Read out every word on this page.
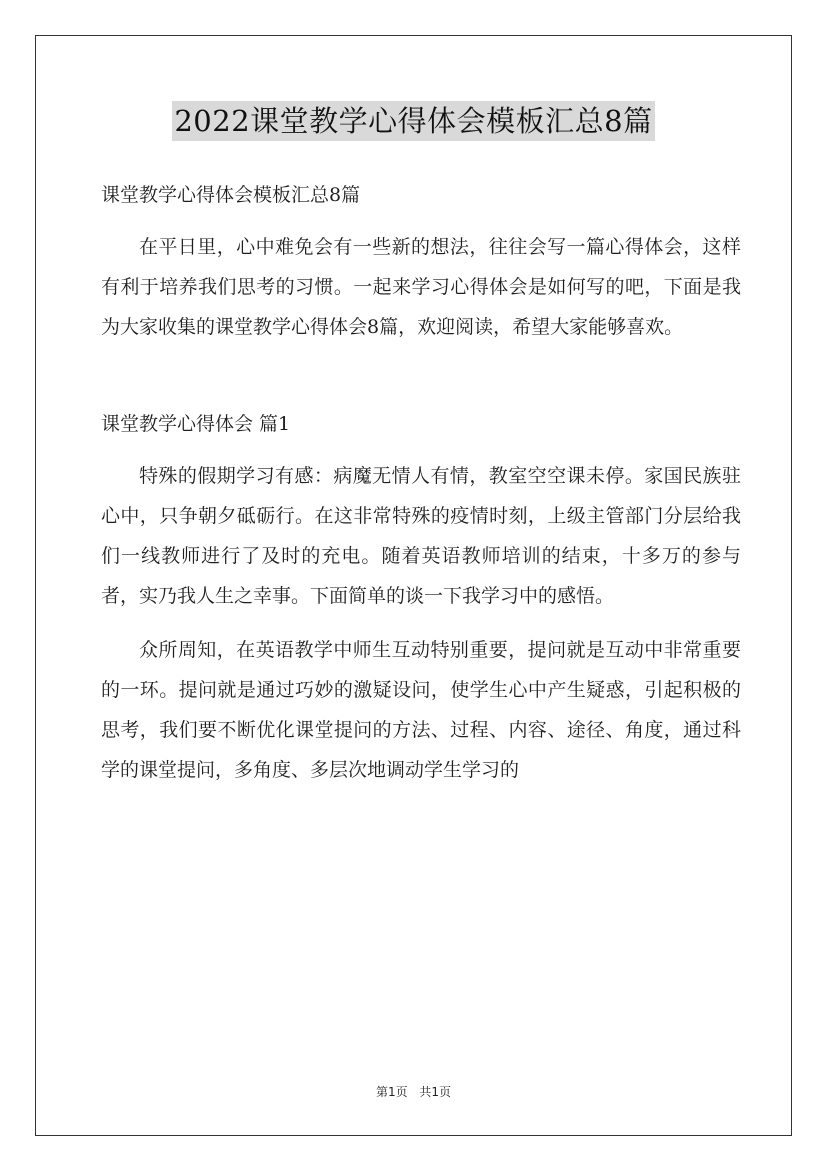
2022课堂教学心得体会模板汇总8篇

课堂教学心得体会模板汇总8篇

在平日里，心中难免会有一些新的想法，往往会写一篇心得体会，这样有利于培养我们思考的习惯。一起来学习心得体会是如何写的吧，下面是我为大家收集的课堂教学心得体会8篇，欢迎阅读，希望大家能够喜欢。

课堂教学心得体会 篇1

特殊的假期学习有感：病魔无情人有情，教室空空课未停。家国民族驻心中，只争朝夕砥砺行。在这非常特殊的疫情时刻，上级主管部门分层给我们一线教师进行了及时的充电。随着英语教师培训的结束，十多万的参与者，实乃我人生之幸事。下面简单的谈一下我学习中的感悟。

众所周知，在英语教学中师生互动特别重要，提问就是互动中非常重要的一环。提问就是通过巧妙的激疑设问，使学生心中产生疑惑，引起积极的思考，我们要不断优化课堂提问的方法、过程、内容、途径、角度，通过科学的课堂提问，多角度、多层次地调动学生学习的

第1页 共1页
